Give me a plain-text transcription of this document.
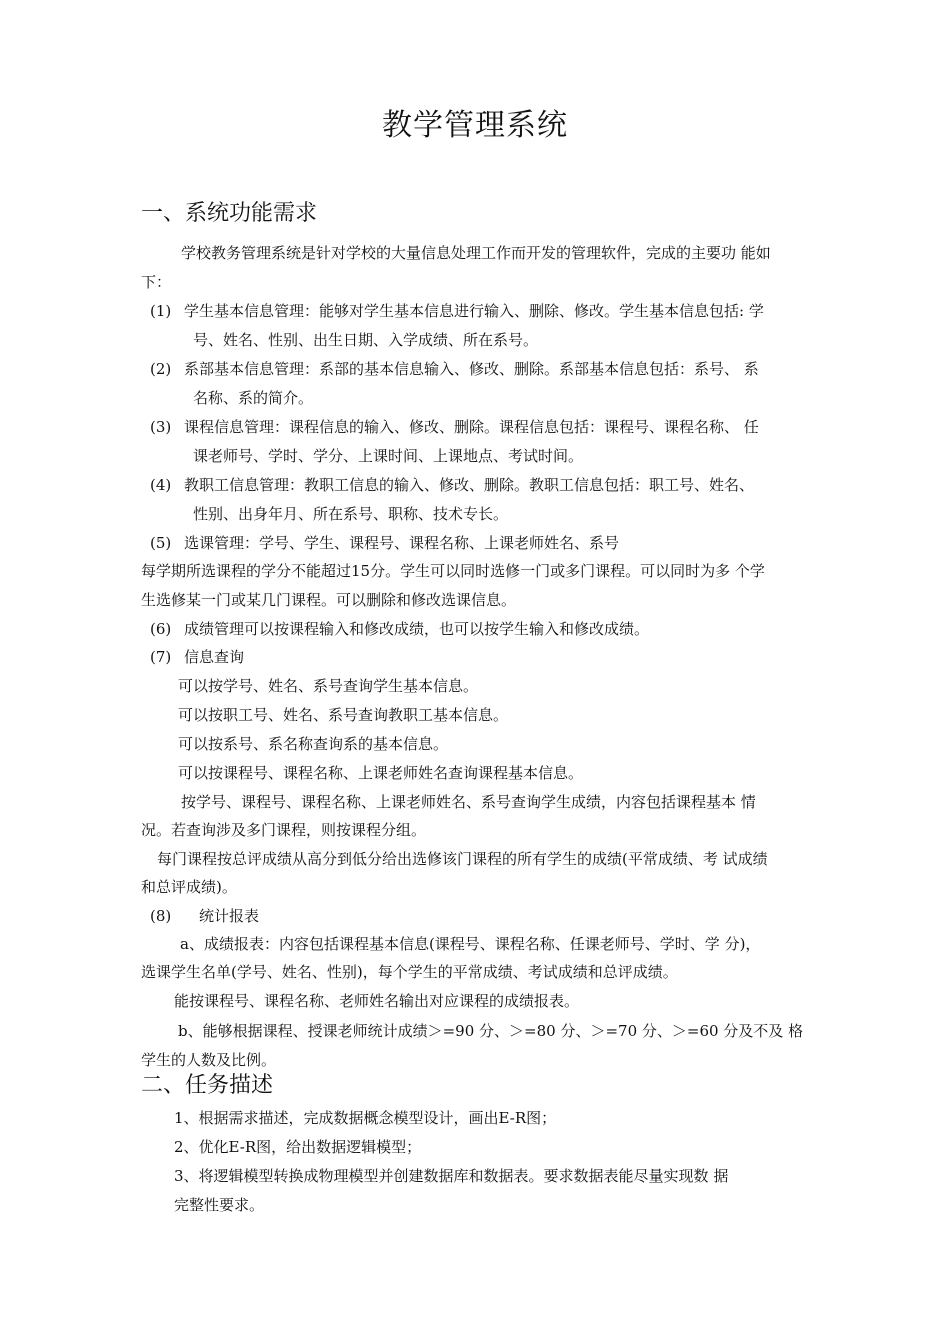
教学管理系统
一、系统功能需求
学校教务管理系统是针对学校的大量信息处理工作而开发的管理软件，完成的主要功 能如
下：
(1) 学生基本信息管理：能够对学生基本信息进行输入、删除、修改。学生基本信息包括: 学
号、姓名、性别、出生日期、入学成绩、所在系号。
(2) 系部基本信息管理：系部的基本信息输入、修改、删除。系部基本信息包括：系号、 系
名称、系的简介。
(3) 课程信息管理：课程信息的输入、修改、删除。课程信息包括：课程号、课程名称、 任
课老师号、学时、学分、上课时间、上课地点、考试时间。
(4) 教职工信息管理：教职工信息的输入、修改、删除。教职工信息包括：职工号、姓名、
性别、出身年月、所在系号、职称、技术专长。
(5) 选课管理：学号、学生、课程号、课程名称、上课老师姓名、系号
每学期所选课程的学分不能超过15分。学生可以同时选修一门或多门课程。可以同时为多 个学
生选修某一门或某几门课程。可以删除和修改选课信息。
(6) 成绩管理可以按课程输入和修改成绩，也可以按学生输入和修改成绩。
(7) 信息查询
可以按学号、姓名、系号查询学生基本信息。
可以按职工号、姓名、系号查询教职工基本信息。
可以按系号、系名称查询系的基本信息。
可以按课程号、课程名称、上课老师姓名查询课程基本信息。
按学号、课程号、课程名称、上课老师姓名、系号查询学生成绩，内容包括课程基本 情
况。若查询涉及多门课程，则按课程分组。
每门课程按总评成绩从高分到低分给出选修该门课程的所有学生的成绩(平常成绩、考 试成绩
和总评成绩)。
(8) 统计报表
a、成绩报表：内容包括课程基本信息(课程号、课程名称、任课老师号、学时、学 分)，
选课学生名单(学号、姓名、性别)，每个学生的平常成绩、考试成绩和总评成绩。
能按课程号、课程名称、老师姓名输出对应课程的成绩报表。
b、能够根据课程、授课老师统计成绩＞=90 分、＞=80 分、＞=70 分、＞=60 分及不及 格
学生的人数及比例。
二、任务描述
1、根据需求描述，完成数据概念模型设计，画出E-R图；
2、优化E-R图，给出数据逻辑模型；
3、将逻辑模型转换成物理模型并创建数据库和数据表。要求数据表能尽量实现数 据
完整性要求。
